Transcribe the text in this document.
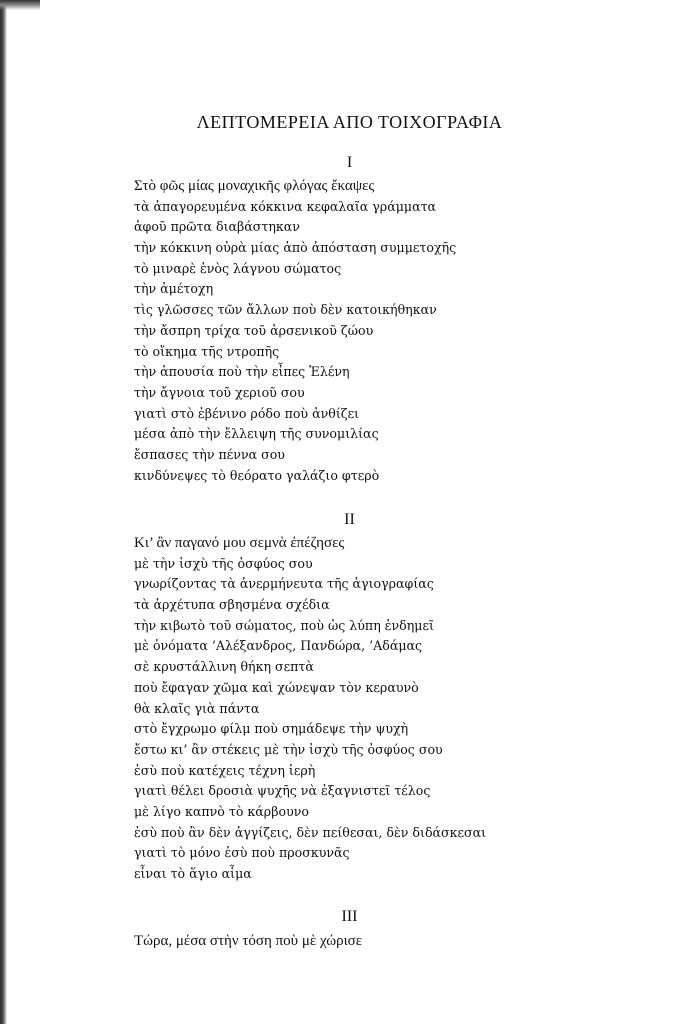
ΛΕΠΤΟΜΕΡΕΙΑ ΑΠΟ ΤΟΙΧΟΓΡΑΦΙΑ
I
Στὸ φῶς μίας μοναχικῆς φλόγας ἔκαψες
τὰ ἀπαγορευμένα κόκκινα κεφαλαῖα γράμματα
ἀφοῦ πρῶτα διαβάστηκαν
τὴν κόκκινη οὐρὰ μίας ἀπὸ ἀπόσταση συμμετοχῆς
τὸ μιναρὲ ἑνὸς λάγνου σώματος
τὴν ἀμέτοχη
τὶς γλῶσσες τῶν ἄλλων ποὺ δὲν κατοικήθηκαν
τὴν ἄσπρη τρίχα τοῦ ἀρσενικοῦ ζώου
τὸ οἴκημα τῆς ντροπῆς
τὴν ἀπουσία ποὺ τὴν εἶπες Ἑλένη
τὴν ἄγνοια τοῦ χεριοῦ σου
γιατὶ στὸ ἐβένινο ρόδο ποὺ ἀνθίζει
μέσα ἀπὸ τὴν ἔλλειψη τῆς συνομιλίας
ἔσπασες τὴν πέννα σου
κινδύνεψες τὸ θεόρατο γαλάζιο φτερὸ
II
Κι’ ἂν παγανό μου σεμνὰ ἐπέζησες
μὲ τὴν ἰσχὺ τῆς ὀσφύος σου
γνωρίζοντας τὰ ἀνερμήνευτα τῆς ἁγιογραφίας
τὰ ἀρχέτυπα σβησμένα σχέδια
τὴν κιβωτὸ τοῦ σώματος, ποὺ ὡς λύπη ἐνδημεῖ
μὲ ὀνόματα ’Αλέξανδρος, Πανδώρα, ’Αδάμας
σὲ κρυστάλλινη θήκη σεπτὰ
ποὺ ἔφαγαν χῶμα καὶ χώνεψαν τὸν κεραυνὸ
θὰ κλαῖς γιὰ πάντα
στὸ ἔγχρωμο φίλμ ποὺ σημάδεψε τὴν ψυχὴ
ἔστω κι’ ἂν στέκεις μὲ τὴν ἰσχὺ τῆς ὀσφύος σου
ἐσὺ ποὺ κατέχεις τέχνη ἱερὴ
γιατὶ θέλει δροσιὰ ψυχῆς νὰ ἐξαγνιστεῖ τέλος
μὲ λίγο καπνὸ τὸ κάρβουνο
ἐσὺ ποὺ ἂν δὲν ἀγγίζεις, δὲν πείθεσαι, δὲν διδάσκεσαι
γιατὶ τὸ μόνο ἐσὺ ποὺ προσκυνᾶς
εἶναι τὸ ἅγιο αἷμα
III
Τώρα, μέσα στὴν τόση ποὺ μὲ χώρισε
